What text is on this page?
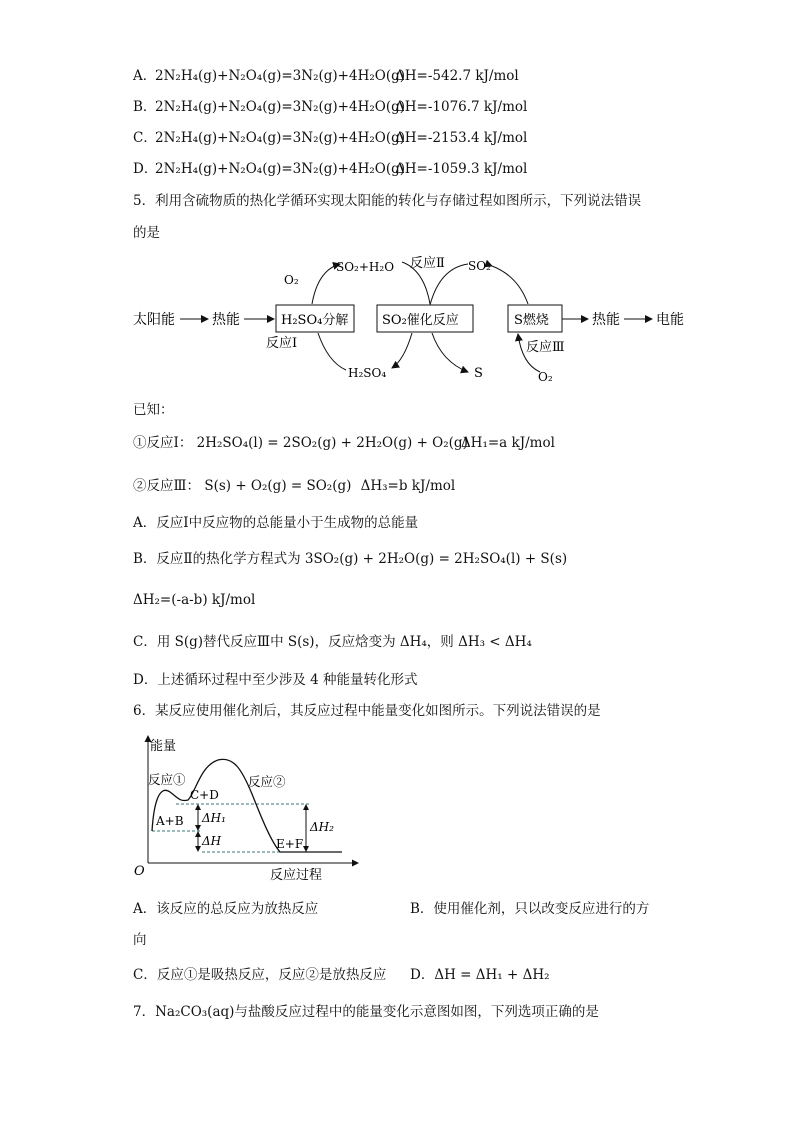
A．2N₂H₄(g)+N₂O₄(g)=3N₂(g)+4H₂O(g)ΔH=-542.7 kJ/mol
B．2N₂H₄(g)+N₂O₄(g)=3N₂(g)+4H₂O(g)ΔH=-1076.7 kJ/mol
C．2N₂H₄(g)+N₂O₄(g)=3N₂(g)+4H₂O(g)ΔH=-2153.4 kJ/mol
D．2N₂H₄(g)+N₂O₄(g)=3N₂(g)+4H₂O(g)ΔH=-1059.3 kJ/mol
5．利用含硫物质的热化学循环实现太阳能的转化与存储过程如图所示，下列说法错误
的是
太阳能	热能	H₂SO₄分解	SO₂催化反应	S燃烧	热能	电能
O₂
SO₂+H₂O 反应Ⅱ SO₂
反应Ⅰ
H₂SO₄	S
反应Ⅲ
O₂
已知：
①反应Ⅰ： 2H₂SO₄(l) = 2SO₂(g) + 2H₂O(g) + O₂(g) ΔH₁=a kJ/mol
②反应Ⅲ： S(s) + O₂(g) = SO₂(g) ΔH₃=b kJ/mol
A．反应Ⅰ中反应物的总能量小于生成物的总能量
B．反应Ⅱ的热化学方程式为 3SO₂(g) + 2H₂O(g) = 2H₂SO₄(l) + S(s)
ΔH₂=(-a-b) kJ/mol
C．用 S(g)替代反应Ⅲ中 S(s)，反应焓变为 ΔH₄，则 ΔH₃ < ΔH₄
D．上述循环过程中至少涉及 4 种能量转化形式
6．某反应使用催化剂后，其反应过程中能量变化如图所示。下列说法错误的是
能量
反应过程
O
反应①	反应②
C+D
A+B ΔH₁
ΔH
ΔH₂
E+F
A．该反应的总反应为放热反应	B．使用催化剂，只以改变反应进行的方
向
C．反应①是吸热反应，反应②是放热反应 D．ΔH = ΔH₁ + ΔH₂
7．Na₂CO₃(aq)与盐酸反应过程中的能量变化示意图如图，下列选项正确的是
